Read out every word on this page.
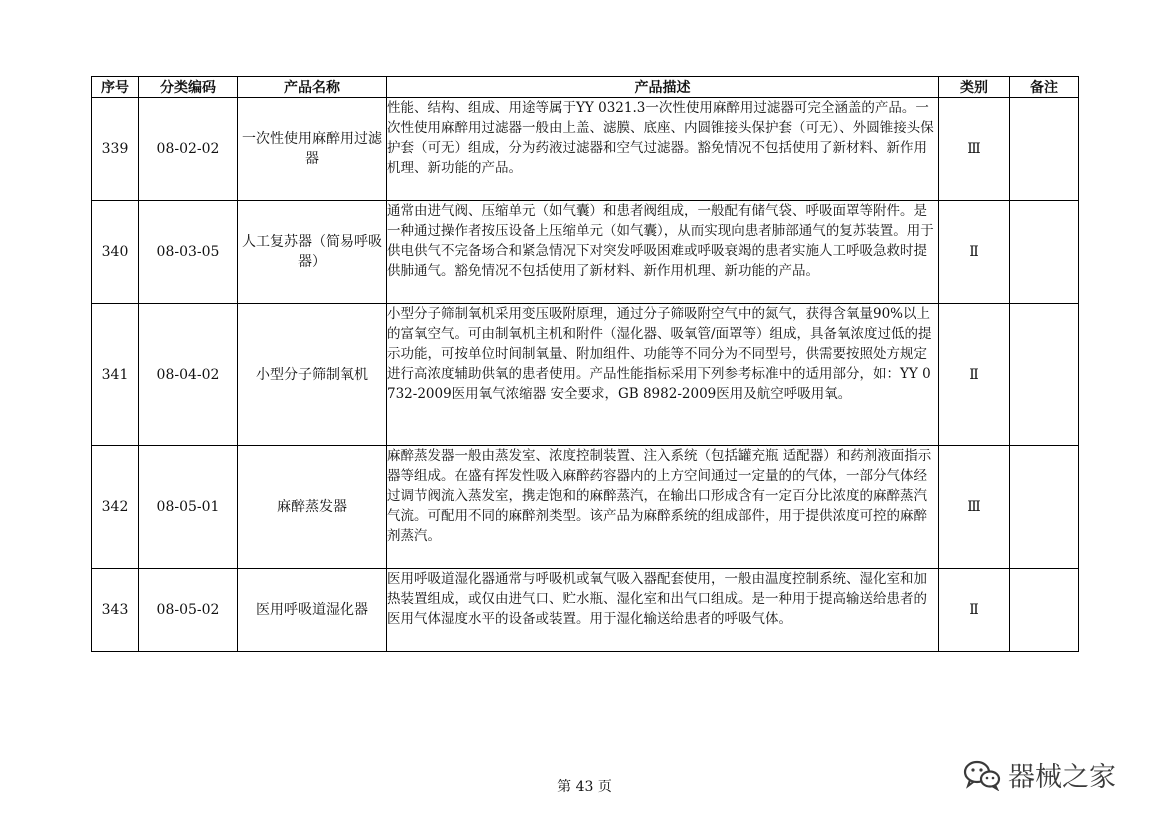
序号	分类编码	产品名称	产品描述	类别	备注
339	08-02-02	一次性使用麻醉用过滤器	性能、结构、组成、用途等属于YY 0321.3一次性使用麻醉用过滤器可完全涵盖的产品。一次性使用麻醉用过滤器一般由上盖、滤膜、底座、内圆锥接头保护套（可无）、外圆锥接头保护套（可无）组成，分为药液过滤器和空气过滤器。豁免情况不包括使用了新材料、新作用机理、新功能的产品。	Ⅲ	
340	08-03-05	人工复苏器（简易呼吸器）	通常由进气阀、压缩单元（如气囊）和患者阀组成，一般配有储气袋、呼吸面罩等附件。是一种通过操作者按压设备上压缩单元（如气囊），从而实现向患者肺部通气的复苏装置。用于供电供气不完备场合和紧急情况下对突发呼吸困难或呼吸衰竭的患者实施人工呼吸急救时提供肺通气。豁免情况不包括使用了新材料、新作用机理、新功能的产品。	Ⅱ	
341	08-04-02	小型分子筛制氧机	小型分子筛制氧机采用变压吸附原理，通过分子筛吸附空气中的氮气，获得含氧量90%以上的富氧空气。可由制氧机主机和附件（湿化器、吸氧管/面罩等）组成，具备氧浓度过低的提示功能，可按单位时间制氧量、附加组件、功能等不同分为不同型号，供需要按照处方规定进行高浓度辅助供氧的患者使用。产品性能指标采用下列参考标准中的适用部分，如：YY 0732-2009医用氧气浓缩器 安全要求，GB 8982-2009医用及航空呼吸用氧。	Ⅱ	
342	08-05-01	麻醉蒸发器	麻醉蒸发器一般由蒸发室、浓度控制装置、注入系统（包括罐充瓶 适配器）和药剂液面指示器等组成。在盛有挥发性吸入麻醉药容器内的上方空间通过一定量的的气体，一部分气体经过调节阀流入蒸发室，携走饱和的麻醉蒸汽，在输出口形成含有一定百分比浓度的麻醉蒸汽气流。可配用不同的麻醉剂类型。该产品为麻醉系统的组成部件，用于提供浓度可控的麻醉剂蒸汽。	Ⅲ	
343	08-05-02	医用呼吸道湿化器	医用呼吸道湿化器通常与呼吸机或氧气吸入器配套使用，一般由温度控制系统、湿化室和加热装置组成，或仅由进气口、贮水瓶、湿化室和出气口组成。是一种用于提高输送给患者的医用气体湿度水平的设备或装置。用于湿化输送给患者的呼吸气体。	Ⅱ	
器械之家
第 43 页
